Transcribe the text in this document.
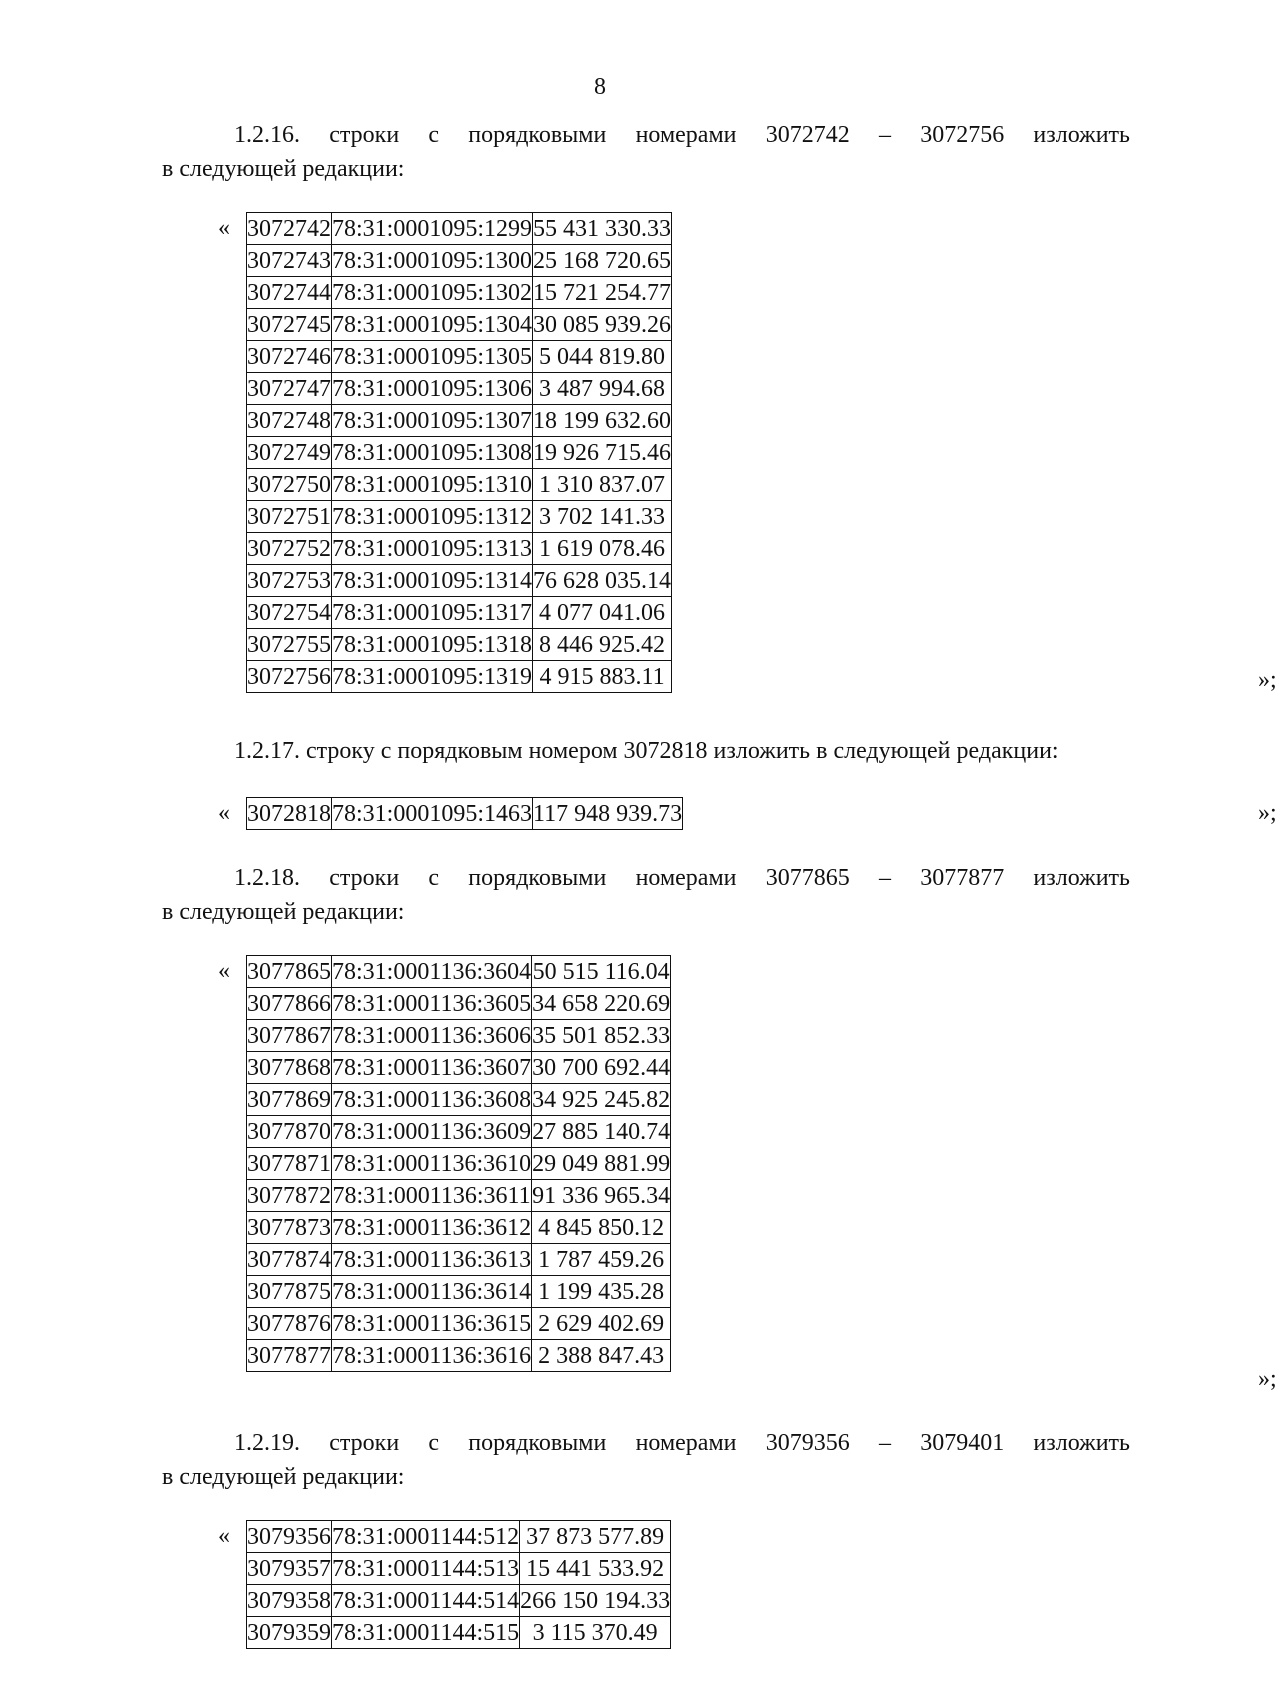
8
1.2.16. строки с порядковыми номерами 3072742 – 3072756 изложить
в следующей редакции:
« 3072742	78:31:0001095:1299	55 431 330.33
3072743	78:31:0001095:1300	25 168 720.65
3072744	78:31:0001095:1302	15 721 254.77
3072745	78:31:0001095:1304	30 085 939.26
3072746	78:31:0001095:1305	5 044 819.80
3072747	78:31:0001095:1306	3 487 994.68
3072748	78:31:0001095:1307	18 199 632.60
3072749	78:31:0001095:1308	19 926 715.46
3072750	78:31:0001095:1310	1 310 837.07
3072751	78:31:0001095:1312	3 702 141.33
3072752	78:31:0001095:1313	1 619 078.46
3072753	78:31:0001095:1314	76 628 035.14
3072754	78:31:0001095:1317	4 077 041.06
3072755	78:31:0001095:1318	8 446 925.42
3072756	78:31:0001095:1319	4 915 883.11	»;
1.2.17. строку с порядковым номером 3072818 изложить в следующей редакции:
« 3072818	78:31:0001095:1463	117 948 939.73	»;
1.2.18. строки с порядковыми номерами 3077865 – 3077877 изложить
в следующей редакции:
« 3077865	78:31:0001136:3604	50 515 116.04
3077866	78:31:0001136:3605	34 658 220.69
3077867	78:31:0001136:3606	35 501 852.33
3077868	78:31:0001136:3607	30 700 692.44
3077869	78:31:0001136:3608	34 925 245.82
3077870	78:31:0001136:3609	27 885 140.74
3077871	78:31:0001136:3610	29 049 881.99
3077872	78:31:0001136:3611	91 336 965.34
3077873	78:31:0001136:3612	4 845 850.12
3077874	78:31:0001136:3613	1 787 459.26
3077875	78:31:0001136:3614	1 199 435.28
3077876	78:31:0001136:3615	2 629 402.69
3077877	78:31:0001136:3616	2 388 847.43
»;
1.2.19. строки с порядковыми номерами 3079356 – 3079401 изложить
в следующей редакции:
« 3079356	78:31:0001144:512	37 873 577.89
3079357	78:31:0001144:513	15 441 533.92
3079358	78:31:0001144:514	266 150 194.33
3079359	78:31:0001144:515	3 115 370.49
